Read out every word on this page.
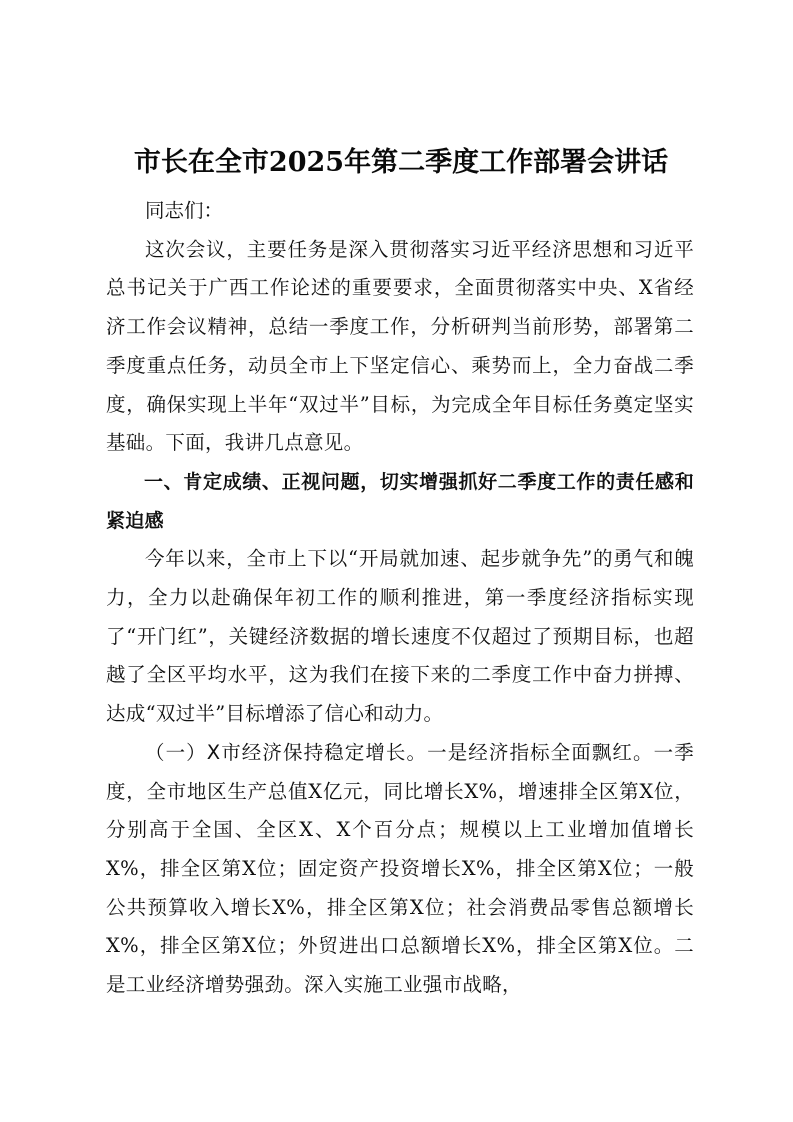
市长在全市2025年第二季度工作部署会讲话

同志们：

这次会议，主要任务是深入贯彻落实习近平经济思想和习近平总书记关于广西工作论述的重要要求，全面贯彻落实中央、X省经济工作会议精神，总结一季度工作，分析研判当前形势，部署第二季度重点任务，动员全市上下坚定信心、乘势而上，全力奋战二季度，确保实现上半年“双过半”目标，为完成全年目标任务奠定坚实基础。下面，我讲几点意见。

一、肯定成绩、正视问题，切实增强抓好二季度工作的责任感和紧迫感

今年以来，全市上下以“开局就加速、起步就争先”的勇气和魄力，全力以赴确保年初工作的顺利推进，第一季度经济指标实现了“开门红”，关键经济数据的增长速度不仅超过了预期目标，也超越了全区平均水平，这为我们在接下来的二季度工作中奋力拼搏、达成“双过半”目标增添了信心和动力。

（一）X市经济保持稳定增长。一是经济指标全面飘红。一季度，全市地区生产总值X亿元，同比增长X%，增速排全区第X位，分别高于全国、全区X、X个百分点；规模以上工业增加值增长X%，排全区第X位；固定资产投资增长X%，排全区第X位；一般公共预算收入增长X%，排全区第X位；社会消费品零售总额增长X%，排全区第X位；外贸进出口总额增长X%，排全区第X位。二是工业经济增势强劲。深入实施工业强市战略，
